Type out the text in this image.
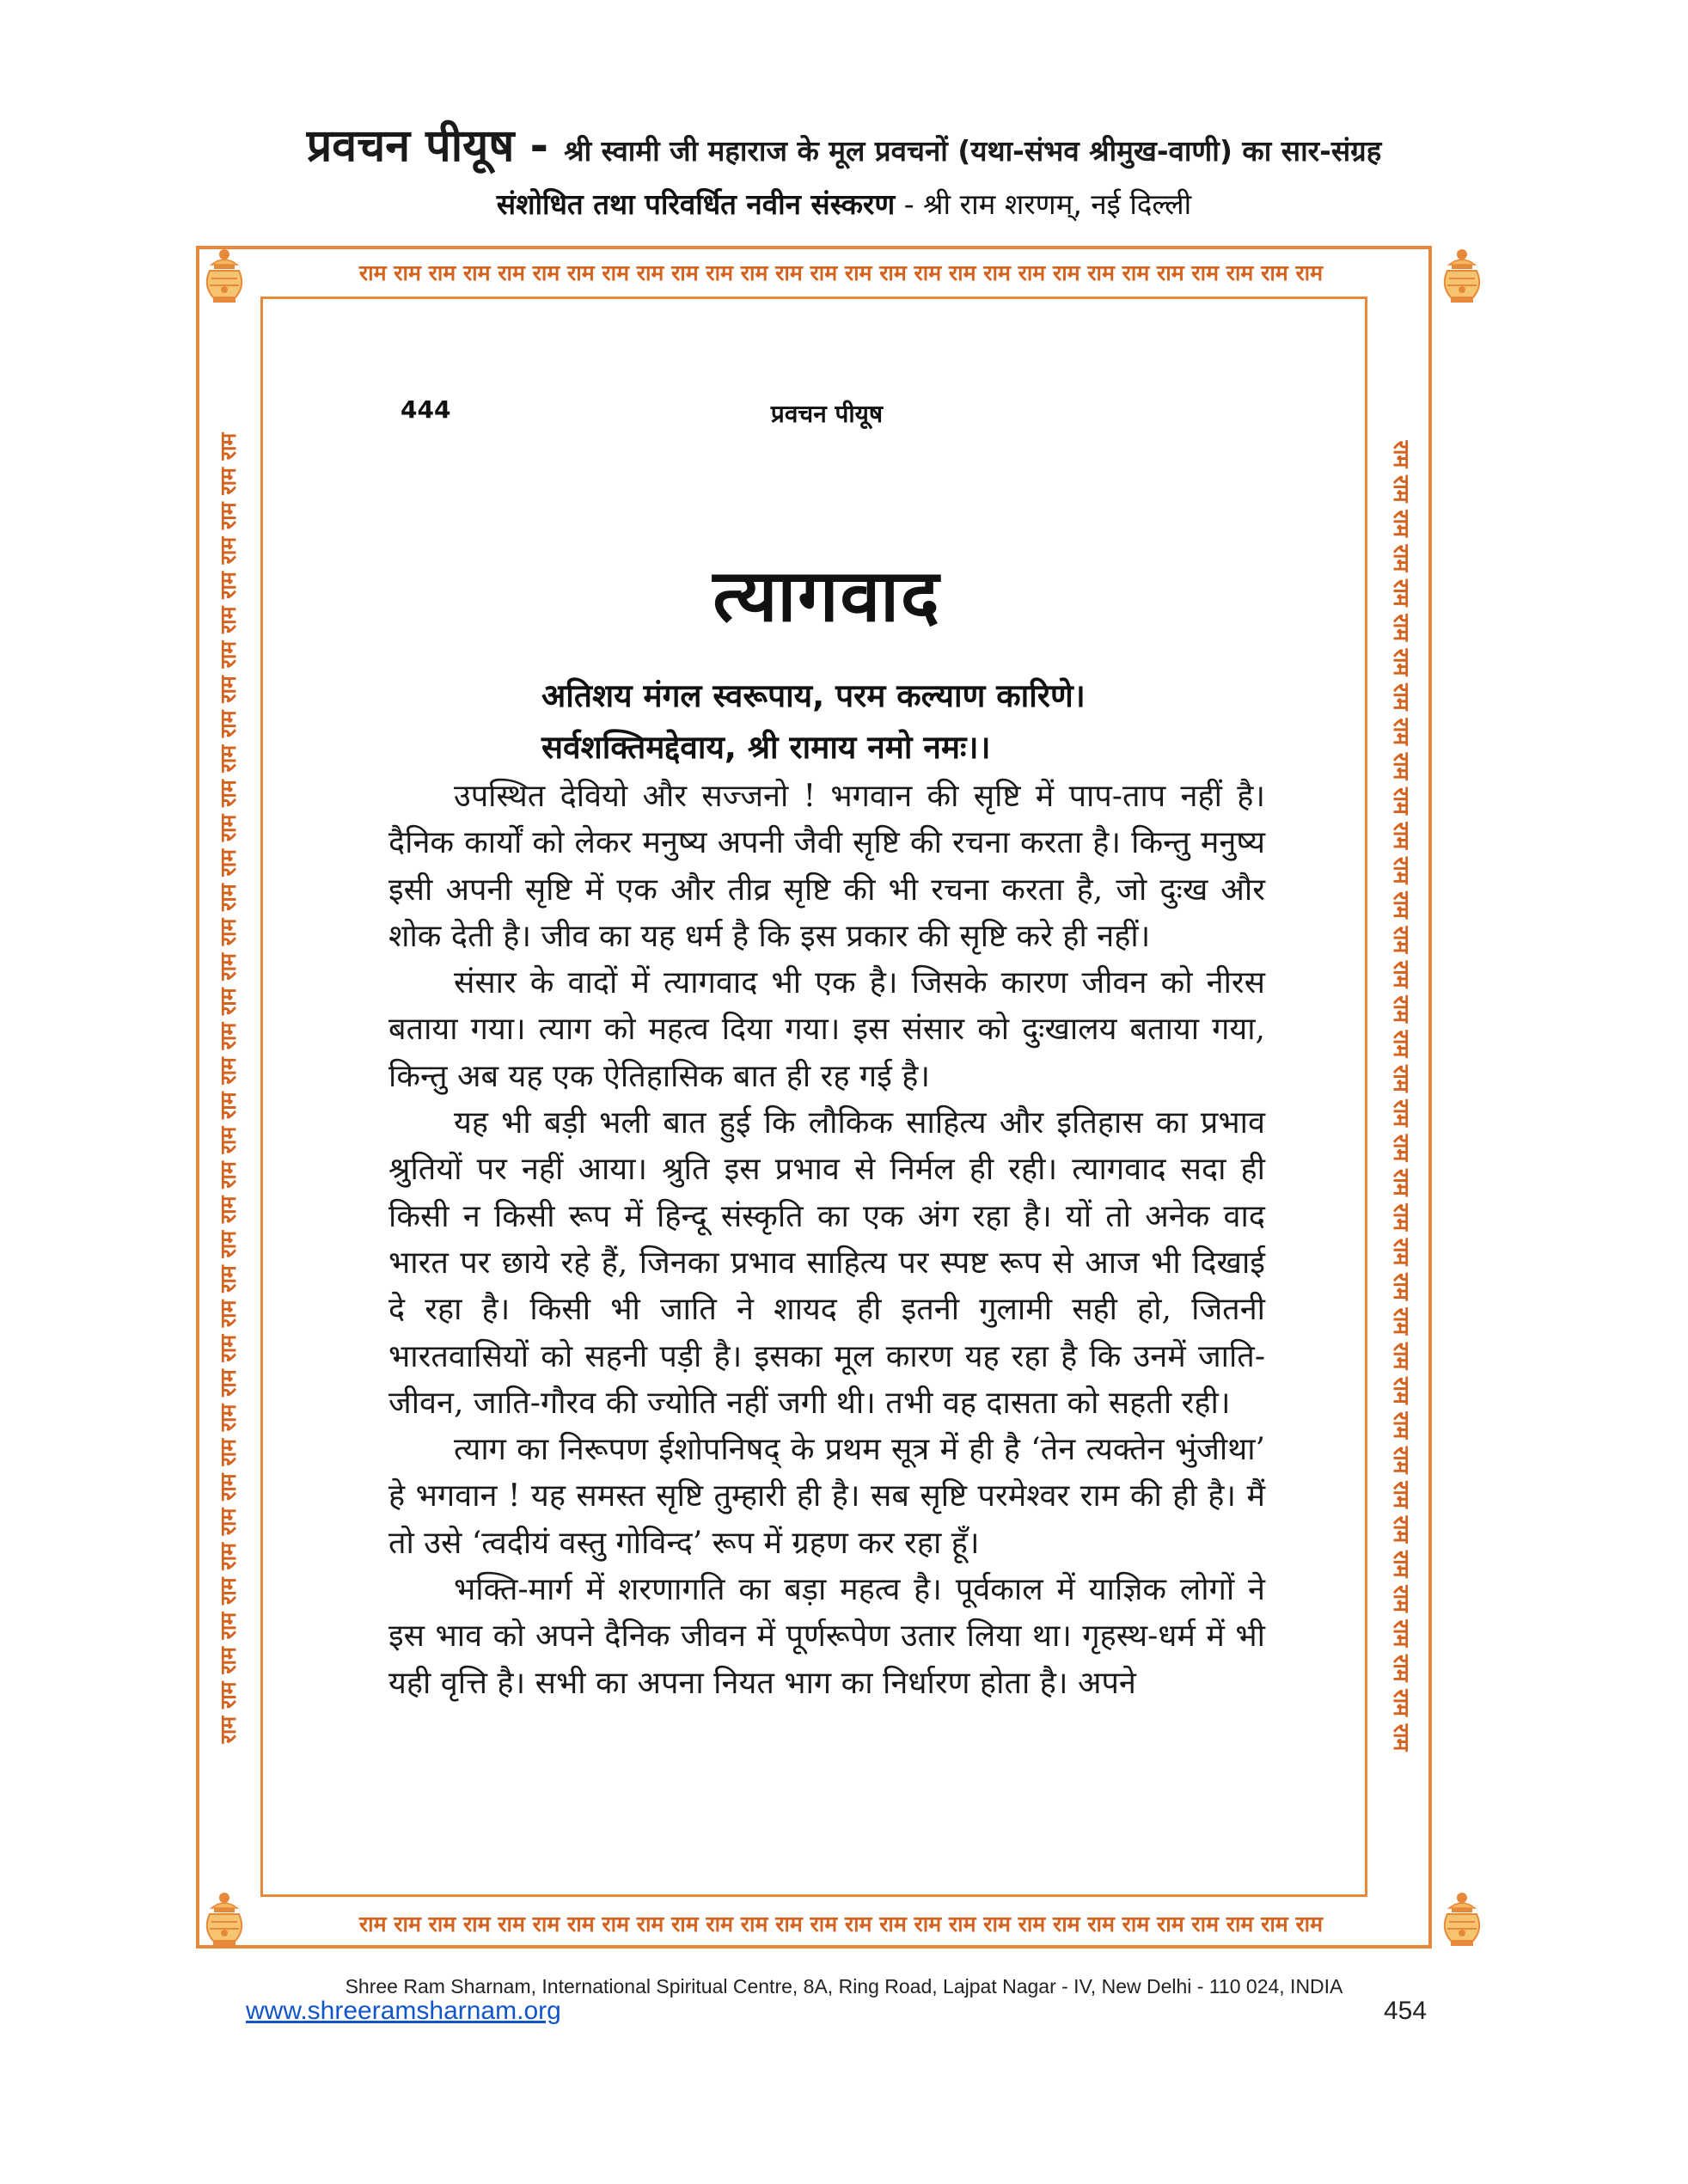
प्रवचन पीयूष - श्री स्वामी जी महाराज के मूल प्रवचनों (यथा-संभव श्रीमुख-वाणी) का सार-संग्रह
संशोधित तथा परिवर्धित नवीन संस्करण - श्री राम शरणम्, नई दिल्ली
राम राम राम राम राम राम राम राम राम राम राम राम राम राम राम राम राम राम राम राम राम राम राम राम राम राम राम राम
राम राम राम राम राम राम राम राम राम राम राम राम राम राम राम राम राम राम राम राम राम राम राम राम राम राम राम राम
राम राम राम राम राम राम राम राम राम राम राम राम राम राम राम राम राम राम राम राम राम राम राम राम राम राम राम राम राम राम राम राम राम राम राम राम राम राम	राम राम राम राम राम राम राम राम राम राम राम राम राम राम राम राम राम राम राम राम राम राम राम राम राम राम राम राम राम राम राम राम राम राम राम राम राम राम
444	प्रवचन पीयूष
त्यागवाद
अतिशय मंगल स्वरूपाय, परम कल्याण कारिणे।
सर्वशक्तिमद्देवाय, श्री रामाय नमो नमः।।

उपस्थित देवियो और सज्जनो ! भगवान की सृष्टि में पाप-ताप नहीं है। दैनिक कार्यों को लेकर मनुष्य अपनी जैवी सृष्टि की रचना करता है। किन्तु मनुष्य इसी अपनी सृष्टि में एक और तीव्र सृष्टि की भी रचना करता है, जो दुःख और शोक देती है। जीव का यह धर्म है कि इस प्रकार की सृष्टि करे ही नहीं।

संसार के वादों में त्यागवाद भी एक है। जिसके कारण जीवन को नीरस बताया गया। त्याग को महत्व दिया गया। इस संसार को दुःखालय बताया गया, किन्तु अब यह एक ऐतिहासिक बात ही रह गई है।

यह भी बड़ी भली बात हुई कि लौकिक साहित्य और इतिहास का प्रभाव श्रुतियों पर नहीं आया। श्रुति इस प्रभाव से निर्मल ही रही। त्यागवाद सदा ही किसी न किसी रूप में हिन्दू संस्कृति का एक अंग रहा है। यों तो अनेक वाद भारत पर छाये रहे हैं, जिनका प्रभाव साहित्य पर स्पष्ट रूप से आज भी दिखाई दे रहा है। किसी भी जाति ने शायद ही इतनी गुलामी सही हो, जितनी भारतवासियों को सहनी पड़ी है। इसका मूल कारण यह रहा है कि उनमें जाति-जीवन, जाति-गौरव की ज्योति नहीं जगी थी। तभी वह दासता को सहती रही।

त्याग का निरूपण ईशोपनिषद् के प्रथम सूत्र में ही है ‘तेन त्यक्तेन भुंजीथा’ हे भगवान ! यह समस्त सृष्टि तुम्हारी ही है। सब सृष्टि परमेश्वर राम की ही है। मैं तो उसे ‘त्वदीयं वस्तु गोविन्द’ रूप में ग्रहण कर रहा हूँ।

भक्ति-मार्ग में शरणागति का बड़ा महत्व है। पूर्वकाल में याज्ञिक लोगों ने इस भाव को अपने दैनिक जीवन में पूर्णरूपेण उतार लिया था। गृहस्थ-धर्म में भी यही वृत्ति है। सभी का अपना नियत भाग का निर्धारण होता है। अपने

Shree Ram Sharnam, International Spiritual Centre, 8A, Ring Road, Lajpat Nagar - IV, New Delhi - 110 024, INDIA
www.shreeramsharnam.org	454
